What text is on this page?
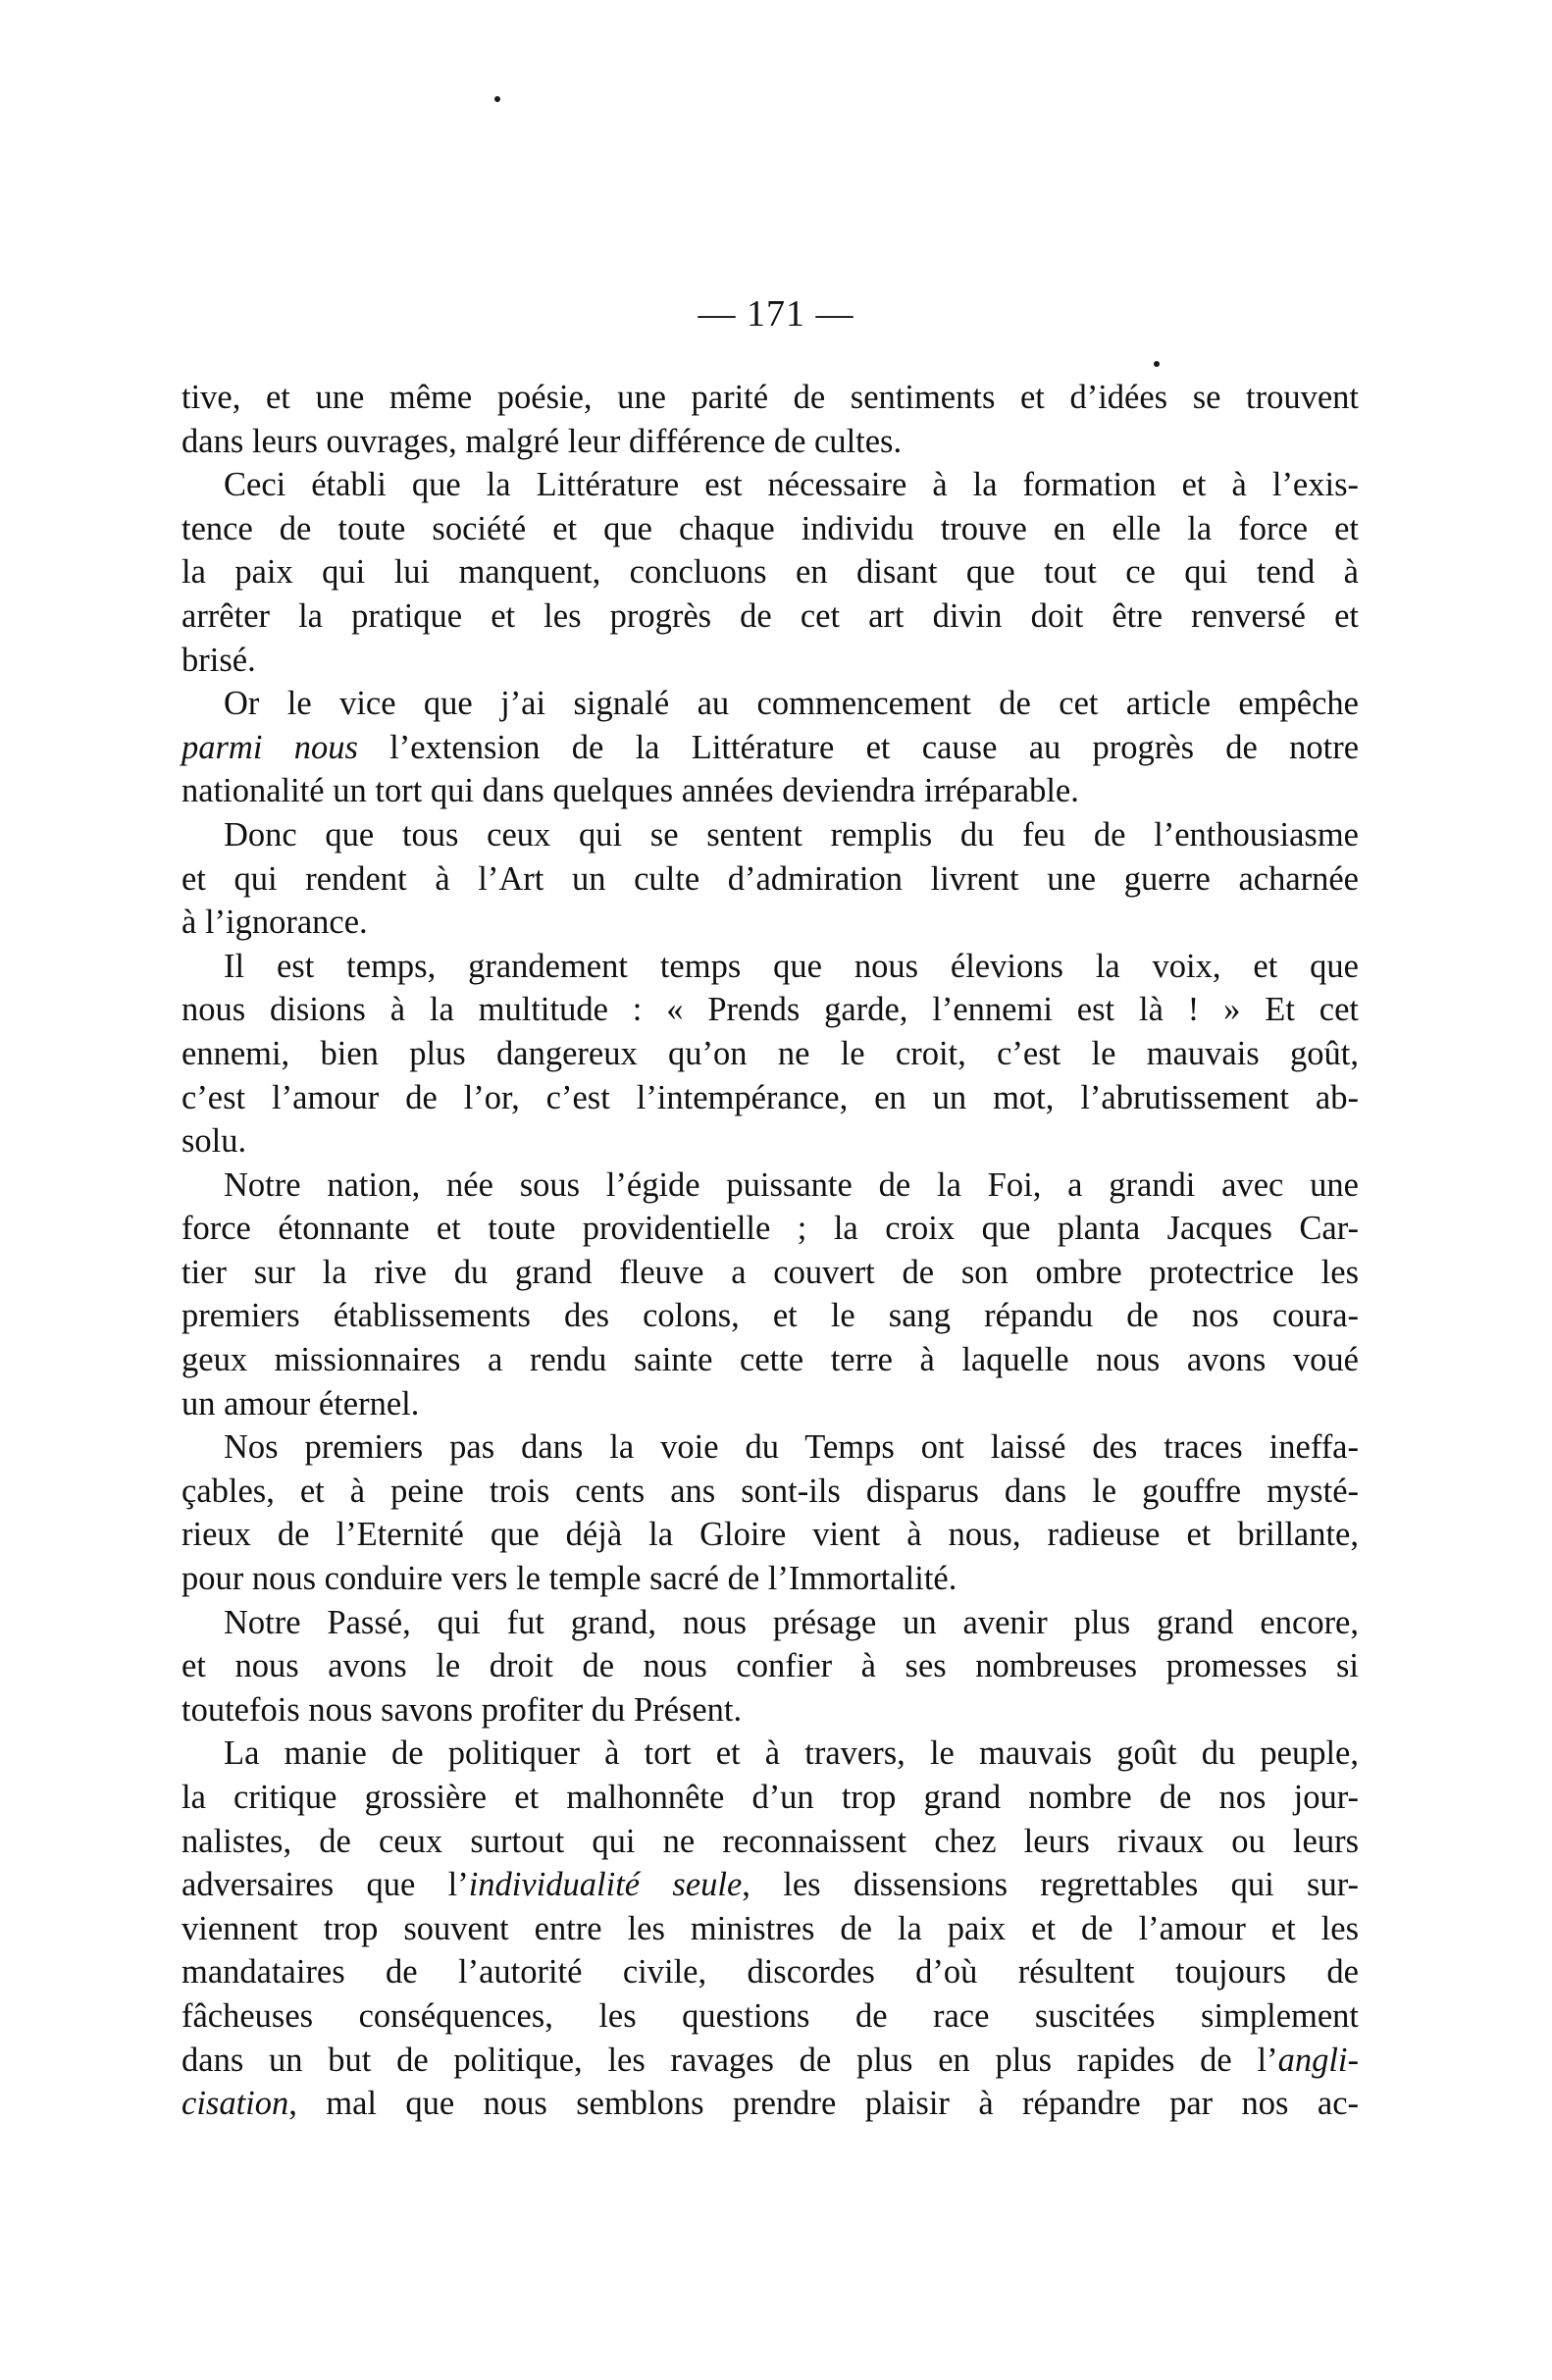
— 171 —
tive, et une même poésie, une parité de sentiments et d’idées se trouvent
dans leurs ouvrages, malgré leur différence de cultes.
Ceci établi que la Littérature est nécessaire à la formation et à l’exis-
tence de toute société et que chaque individu trouve en elle la force et
la paix qui lui manquent, concluons en disant que tout ce qui tend à
arrêter la pratique et les progrès de cet art divin doit être renversé et
brisé.
Or le vice que j’ai signalé au commencement de cet article empêche
parmi nous l’extension de la Littérature et cause au progrès de notre
nationalité un tort qui dans quelques années deviendra irréparable.
Donc que tous ceux qui se sentent remplis du feu de l’enthousiasme
et qui rendent à l’Art un culte d’admiration livrent une guerre acharnée
à l’ignorance.
Il est temps, grandement temps que nous élevions la voix, et que
nous disions à la multitude : « Prends garde, l’ennemi est là ! » Et cet
ennemi, bien plus dangereux qu’on ne le croit, c’est le mauvais goût,
c’est l’amour de l’or, c’est l’intempérance, en un mot, l’abrutissement ab-
solu.
Notre nation, née sous l’égide puissante de la Foi, a grandi avec une
force étonnante et toute providentielle ; la croix que planta Jacques Car-
tier sur la rive du grand fleuve a couvert de son ombre protectrice les
premiers établissements des colons, et le sang répandu de nos coura-
geux missionnaires a rendu sainte cette terre à laquelle nous avons voué
un amour éternel.
Nos premiers pas dans la voie du Temps ont laissé des traces ineffa-
çables, et à peine trois cents ans sont-ils disparus dans le gouffre mysté-
rieux de l’Eternité que déjà la Gloire vient à nous, radieuse et brillante,
pour nous conduire vers le temple sacré de l’Immortalité.
Notre Passé, qui fut grand, nous présage un avenir plus grand encore,
et nous avons le droit de nous confier à ses nombreuses promesses si
toutefois nous savons profiter du Présent.
La manie de politiquer à tort et à travers, le mauvais goût du peuple,
la critique grossière et malhonnête d’un trop grand nombre de nos jour-
nalistes, de ceux surtout qui ne reconnaissent chez leurs rivaux ou leurs
adversaires que l’individualité seule, les dissensions regrettables qui sur-
viennent trop souvent entre les ministres de la paix et de l’amour et les
mandataires de l’autorité civile, discordes d’où résultent toujours de
fâcheuses conséquences, les questions de race suscitées simplement
dans un but de politique, les ravages de plus en plus rapides de l’angli-
cisation, mal que nous semblons prendre plaisir à répandre par nos ac-
